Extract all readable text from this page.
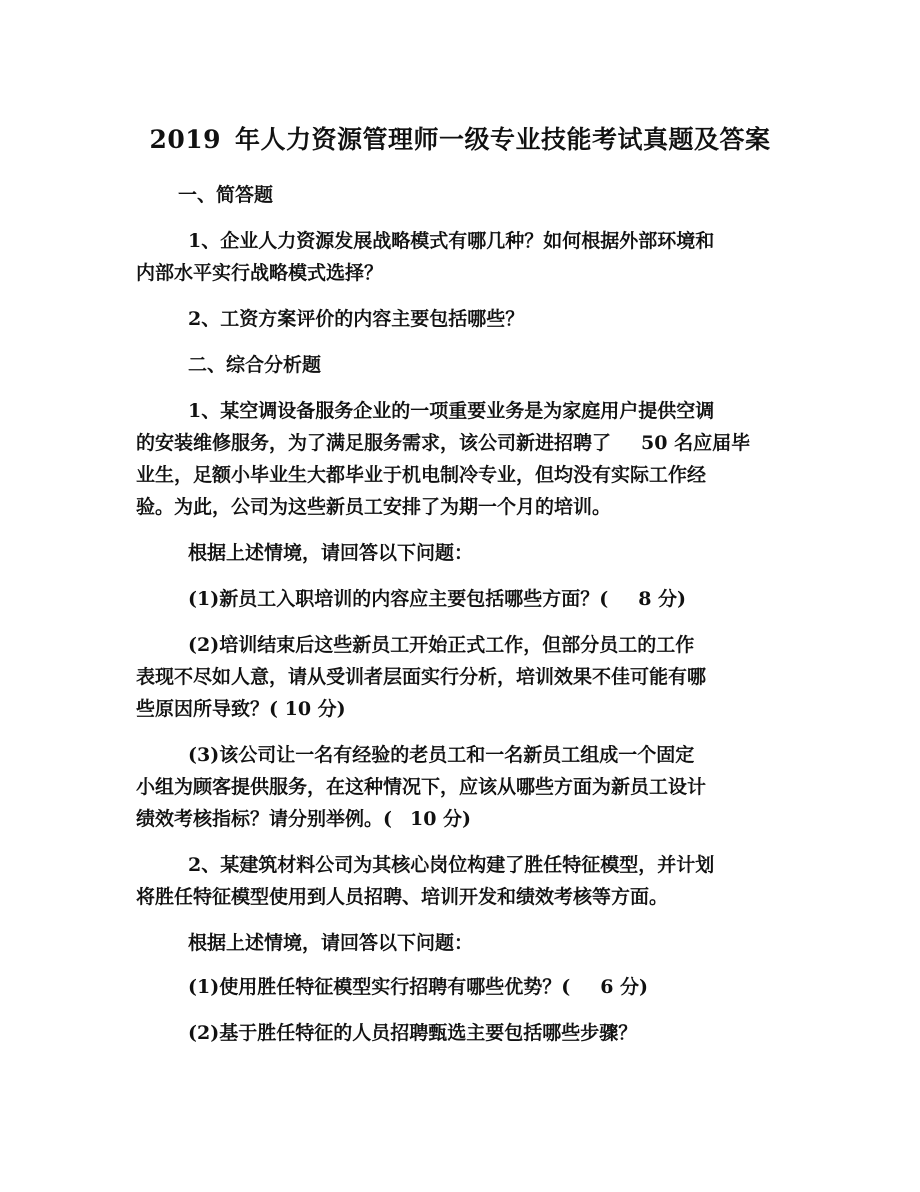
2019 年人力资源管理师一级专业技能考试真题及答案
一、简答题
1、企业人力资源发展战略模式有哪几种？如何根据外部环境和
内部水平实行战略模式选择？
2、工资方案评价的内容主要包括哪些？
二、综合分析题
1、某空调设备服务企业的一项重要业务是为家庭用户提供空调
的安装维修服务，为了满足服务需求，该公司新进招聘了 50 名应届毕
业生，足额小毕业生大都毕业于机电制冷专业，但均没有实际工作经
验。为此，公司为这些新员工安排了为期一个月的培训。
根据上述情境，请回答以下问题：
(1)新员工入职培训的内容应主要包括哪些方面？( 8 分)
(2)培训结束后这些新员工开始正式工作，但部分员工的工作
表现不尽如人意，请从受训者层面实行分析，培训效果不佳可能有哪
些原因所导致？( 10 分)
(3)该公司让一名有经验的老员工和一名新员工组成一个固定
小组为顾客提供服务，在这种情况下，应该从哪些方面为新员工设计
绩效考核指标？请分别举例。( 10 分)
2、某建筑材料公司为其核心岗位构建了胜任特征模型，并计划
将胜任特征模型使用到人员招聘、培训开发和绩效考核等方面。
根据上述情境，请回答以下问题：
(1)使用胜任特征模型实行招聘有哪些优势？( 6 分)
(2)基于胜任特征的人员招聘甄选主要包括哪些步骤？
